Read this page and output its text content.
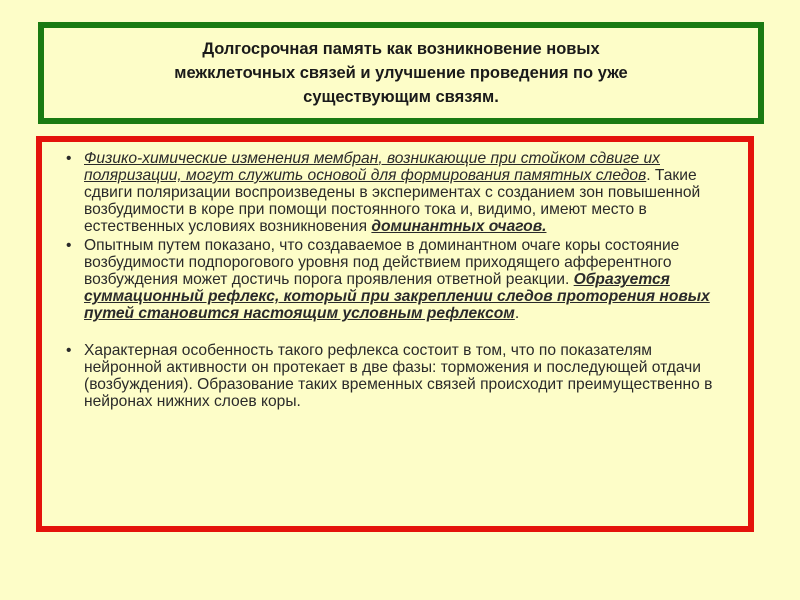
Долгосрочная память как возникновение новых
межклеточных связей и улучшение проведения по уже
существующим связям.

• Физико-химические изменения мембран, возникающие при стойком сдвиге их поляризации, могут служить основой для формирования памятных следов. Такие сдвиги поляризации воспроизведены в экспериментах с созданием зон повышенной возбудимости в коре при помощи постоянного тока и, видимо, имеют место в естественных условиях возникновения доминантных очагов.
• Опытным путем показано, что создаваемое в доминантном очаге коры состояние возбудимости подпорогового уровня под действием приходящего афферентного возбуждения может достичь порога проявления ответной реакции. Образуется суммационный рефлекс, который при закреплении следов проторения новых путей становится настоящим условным рефлексом.
• Характерная особенность такого рефлекса состоит в том, что по показателям нейронной активности он протекает в две фазы: торможения и последующей отдачи (возбуждения). Образование таких временных связей происходит преимущественно в нейронах нижних слоев коры.
